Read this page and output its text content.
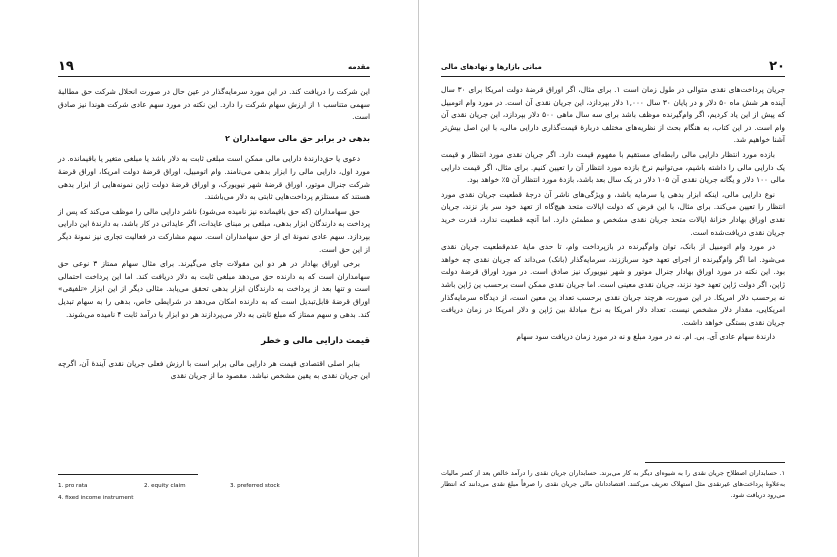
۱۹	مقدمه

این شرکت را دریافت کند. در این مورد سرمایه‌گذار در عین حال در صورت انحلال شرکت حق مطالبهٔ سهمی متناسب ۱ از ارزش سهام شرکت را دارد. این نکته در مورد سهم عادی شرکت هوندا نیز صادق است.

بدهی در برابر حق مالی سهامداران ۲

دعوی یا حق‌دارندهٔ دارایی مالی ممکن است مبلغی ثابت به دلار باشد یا مبلغی متغیر یا باقیمانده. در مورد اول، دارایی مالی را ابزار بدهی می‌نامند. وام اتومبیل، اوراق قرضهٔ دولت امریکا، اوراق قرضهٔ شرکت جنرال موتور، اوراق قرضهٔ شهر نیویورک، و اوراق قرضهٔ دولت ژاپن نمونه‌هایی از ابزار بدهی هستند که مستلزم پرداخت‌هایی ثابتی به دلار می‌باشند.

حق سهامداران (که حق باقیمانده نیز نامیده می‌شود) ناشر دارایی مالی را موظف می‌کند که پس از پرداخت به دارندگان ابزار بدهی، مبلغی بر مبنای عایدات، اگر عایداتی در کار باشد، به دارندهٔ این دارایی بپردازد. سهم عادی نمونهٔ ای از حق سهامداران است. سهم مشارکت در فعالیت تجاری نیز نمونهٔ دیگر از این حق است.

برخی اوراق بهادار در هر دو این مقولات جای می‌گیرند. برای مثال سهام ممتاز ۳ نوعی حق سهامداران است که به دارنده حق می‌دهد مبلغی ثابت به دلار دریافت کند. اما این پرداخت احتمالی است و تنها بعد از پرداخت به دارندگان ابزار بدهی تحقق می‌یابد. مثالی دیگر از این ابزار «تلفیقی» اوراق قرضهٔ قابل‌تبدیل است که به دارنده امکان می‌دهد در شرایطی خاص، بدهی را به سهام تبدیل کند. بدهی و سهم ممتاز که مبلغ ثابتی به دلار می‌پردازند هر دو ابزار با درآمد ثابت ۴ نامیده می‌شوند.

قیمت دارایی مالی و خطر

بنابر اصلی اقتصادی قیمت هر دارایی مالی برابر است با ارزش فعلی جریان نقدی آیندهٔ آن، اگرچه این جریان نقدی به یقین مشخص نباشد. مقصود ما از جریان نقدی

1. pro rata	2. equity claim	3. preferred stock
4. fixed income instrument
مبانی بازارها و نهادهای مالی	۲۰

جریان پرداخت‌های نقدی متوالی در طول زمان است ۱. برای مثال، اگر اوراق قرضهٔ دولت امریکا برای ۳۰ سال آینده هر شش ماه ۵۰ دلار و در پایان ۳۰ سال ۱,۰۰۰ دلار بپردازد، این جریان نقدی آن است. در مورد وام اتومبیل که پیش از این یاد کردیم، اگر وام‌گیرنده موظف باشد برای سه سال ماهی ۵۰۰ دلار بپردازد، این جریان نقدی آن وام است. در این کتاب، به هنگام بحث از نظریه‌های مختلف دربارهٔ قیمت‌گذاری دارایی مالی، با این اصل بیش‌تر آشنا خواهیم شد.

بازده مورد انتظار دارایی مالی رابطه‌ای مستقیم با مفهوم قیمت دارد. اگر جریان نقدی مورد انتظار و قیمت یک دارایی مالی را داشته باشیم، می‌توانیم نرخ بازده مورد انتظار آن را تعیین کنیم. برای مثال، اگر قیمت دارایی مالی ۱۰۰ دلار و یگانه جریان نقدی آن ۱۰۵ دلار در یک سال بعد باشد، بازدهٔ مورد انتظار آن ۵٪ خواهد بود.

نوع دارایی مالی، اینکه ابزار بدهی یا سرمایه باشد، و ویژگی‌های ناشر آن درجهٔ قطعیت جریان نقدی مورد انتظار را تعیین می‌کند. برای مثال، با این فرض که دولت ایالات متحد هیچ‌گاه از تعهد خود سر باز نزند، جریان نقدی اوراق بهادار خزانهٔ ایالات متحد جریان نقدی مشخص و مطمئن دارد. اما آنچه قطعیت ندارد، قدرت خرید جریان نقدی دریافت‌شده است.

در مورد وام اتومبیل از بانک، توان وام‌گیرنده در بازپرداخت وام، تا حدی مایهٔ عدم‌قطعیت جریان نقدی می‌شود. اما اگر وام‌گیرنده از اجرای تعهد خود سرباززند، سرمایه‌گذار (بانک) می‌داند که جریان نقدی چه خواهد بود. این نکته در مورد اوراق بهادار جنرال موتور و شهر نیویورک نیز صادق است. در مورد اوراق قرضهٔ دولت ژاپن، اگر دولت ژاپن تعهد خود نزند، جریان نقدی معینی است. اما جریان نقدی ممکن است برحسب ین ژاپن باشد نه برحسب دلار امریکا. در این صورت، هرچند جریان نقدی برحسب تعداد ین معین است، از دیدگاه سرمایه‌گذار امریکایی، مقدار دلار مشخص نیست. تعداد دلار امریکا به نرخ مبادلهٔ بین ژاپن و دلار امریکا در زمان دریافت جریان نقدی بستگی خواهد داشت.

دارندهٔ سهام عادی آی. بی. ام. نه در مورد مبلغ و نه در مورد زمان دریافت سود سهام

۱. حسابداران اصطلاح جریان نقدی را به شیوه‌ای دیگر به کار می‌برند. حسابداران جریان نقدی را درآمد خالص بعد از کسر مالیات به‌علاوهٔ پرداخت‌های غیرنقدی مثل استهلاک تعریف می‌کنند. اقتصاددانان مالی جریان نقدی را صرفاً مبلغ نقدی می‌دانند که انتظار می‌رود دریافت شود.
